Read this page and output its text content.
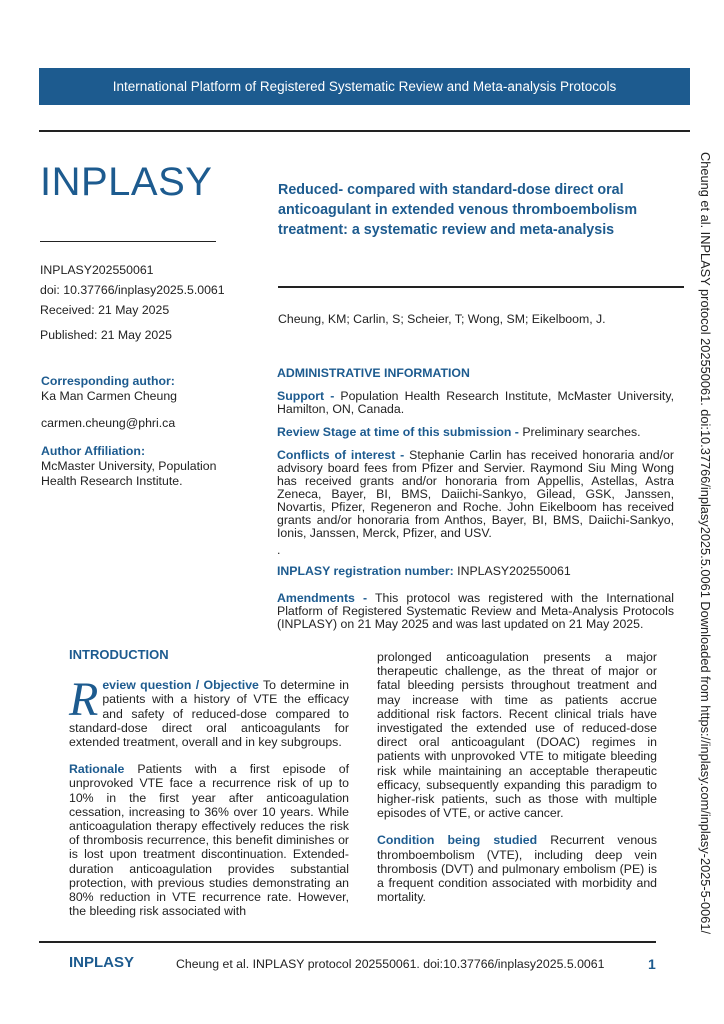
International Platform of Registered Systematic Review and Meta-analysis Protocols
INPLASY
INPLASY202550061
doi: 10.37766/inplasy2025.5.0061
Received: 21 May 2025
Published: 21 May 2025
Corresponding author:
Ka Man Carmen Cheung
carmen.cheung@phri.ca
Author Affiliation:
McMaster University, Population Health Research Institute.
Reduced- compared with standard-dose direct oral anticoagulant in extended venous thromboembolism treatment: a systematic review and meta-analysis
Cheung, KM; Carlin, S; Scheier, T; Wong, SM; Eikelboom, J.
ADMINISTRATIVE INFORMATION

Support - Population Health Research Institute, McMaster University, Hamilton, ON, Canada.

Review Stage at time of this submission - Preliminary searches.

Conflicts of interest - Stephanie Carlin has received honoraria and/or advisory board fees from Pfizer and Servier. Raymond Siu Ming Wong has received grants and/or honoraria from Appellis, Astellas, Astra Zeneca, Bayer, BI, BMS, Daiichi-Sankyo, Gilead, GSK, Janssen, Novartis, Pfizer, Regeneron and Roche. John Eikelboom has received grants and/or honoraria from Anthos, Bayer, BI, BMS, Daiichi-Sankyo, Ionis, Janssen, Merck, Pfizer, and USV.

.

INPLASY registration number: INPLASY202550061

Amendments - This protocol was registered with the International Platform of Registered Systematic Review and Meta-Analysis Protocols (INPLASY) on 21 May 2025 and was last updated on 21 May 2025.

INTRODUCTION

Review question / Objective To determine in patients with a history of VTE the efficacy and safety of reduced-dose compared to standard-dose direct oral anticoagulants for extended treatment, overall and in key subgroups.

Rationale Patients with a first episode of unprovoked VTE face a recurrence risk of up to 10% in the first year after anticoagulation cessation, increasing to 36% over 10 years. While anticoagulation therapy effectively reduces the risk of thrombosis recurrence, this benefit diminishes or is lost upon treatment discontinuation. Extended-duration anticoagulation provides substantial protection, with previous studies demonstrating an 80% reduction in VTE recurrence rate. However, the bleeding risk associated with

prolonged anticoagulation presents a major therapeutic challenge, as the threat of major or fatal bleeding persists throughout treatment and may increase with time as patients accrue additional risk factors. Recent clinical trials have investigated the extended use of reduced-dose direct oral anticoagulant (DOAC) regimes in patients with unprovoked VTE to mitigate bleeding risk while maintaining an acceptable therapeutic efficacy, subsequently expanding this paradigm to higher-risk patients, such as those with multiple episodes of VTE, or active cancer.

Condition being studied Recurrent venous thromboembolism (VTE), including deep vein thrombosis (DVT) and pulmonary embolism (PE) is a frequent condition associated with morbidity and mortality.

INPLASY	Cheung et al. INPLASY protocol 202550061. doi:10.37766/inplasy2025.5.0061	1
Cheung et al. INPLASY protocol 202550061. doi:10.37766/inplasy2025.5.0061 Downloaded from https://inplasy.com/inplasy-2025-5-0061/
